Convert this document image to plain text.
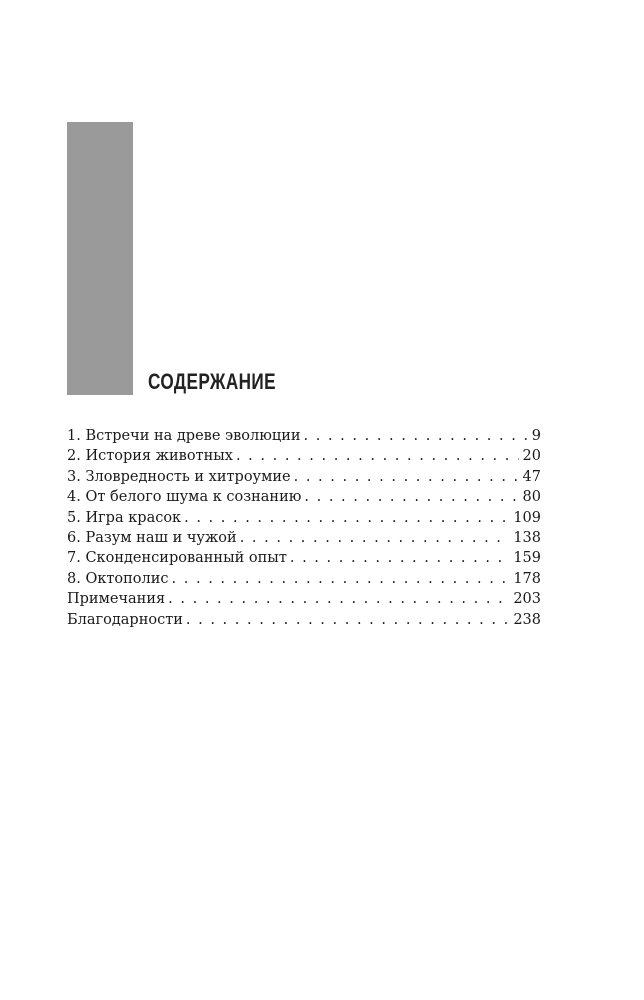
СОДЕРЖАНИЕ
1. Встречи на древе эволюции . . .	9
2. История животных . . .	20
3. Зловредность и хитроумие . . .	47
4. От белого шума к сознанию . . .	80
5. Игра красок . . .	109
6. Разум наш и чужой . . .	138
7. Сконденсированный опыт . . .	159
8. Октополис . . .	178
Примечания . . .	203
Благодарности . . .	238
